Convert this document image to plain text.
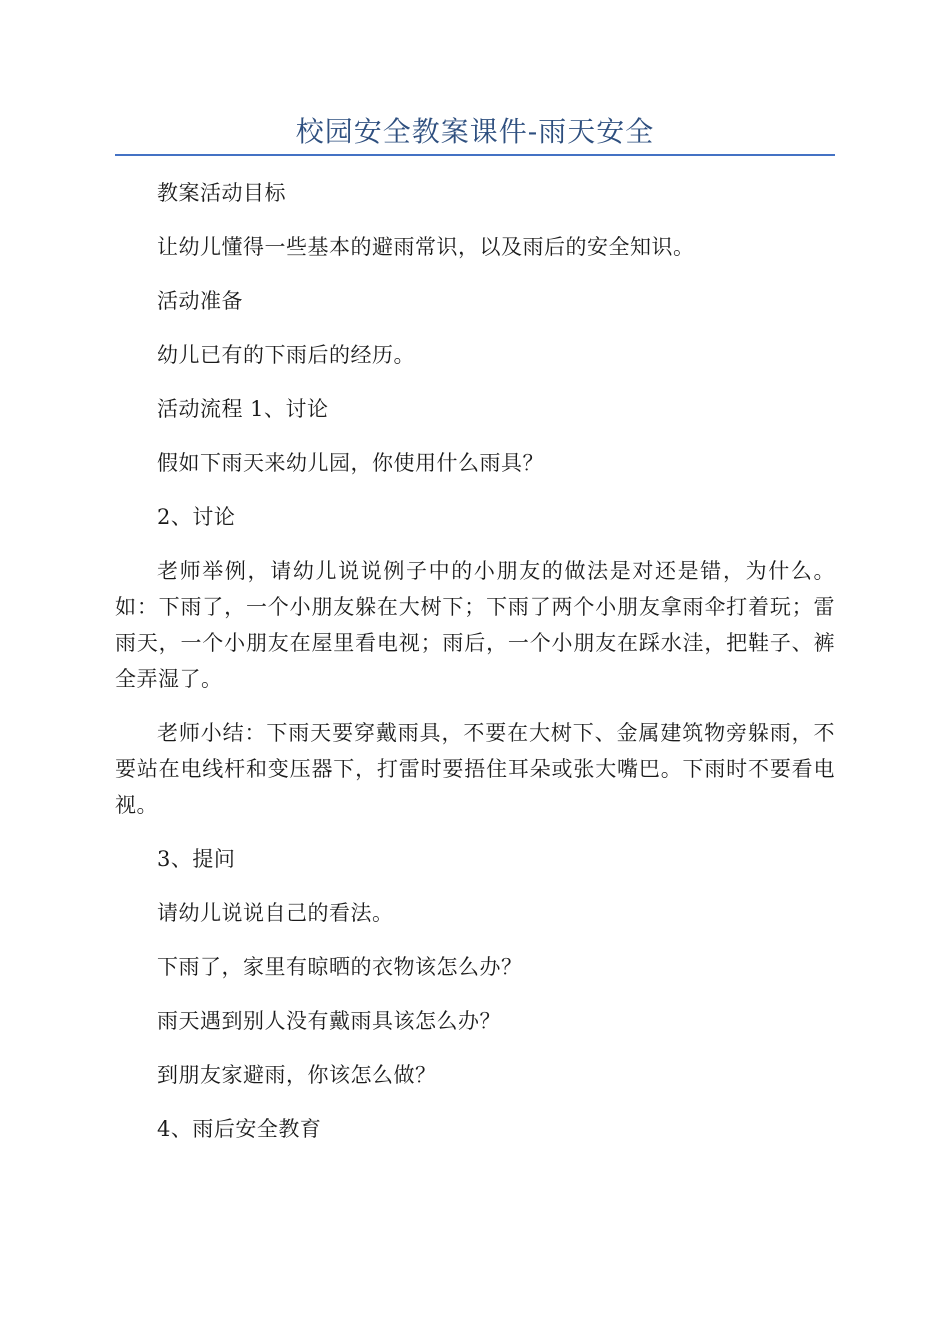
校园安全教案课件-雨天安全

教案活动目标

让幼儿懂得一些基本的避雨常识，以及雨后的安全知识。

活动准备

幼儿已有的下雨后的经历。

活动流程 1、讨论

假如下雨天来幼儿园，你使用什么雨具？

2、讨论

老师举例，请幼儿说说例子中的小朋友的做法是对还是错，为什么。如：下雨了，一个小朋友躲在大树下；下雨了两个小朋友拿雨伞打着玩；雷雨天，一个小朋友在屋里看电视；雨后，一个小朋友在踩水洼，把鞋子、裤全弄湿了。

老师小结：下雨天要穿戴雨具，不要在大树下、金属建筑物旁躲雨，不要站在电线杆和变压器下，打雷时要捂住耳朵或张大嘴巴。下雨时不要看电视。

3、提问

请幼儿说说自己的看法。

下雨了，家里有晾晒的衣物该怎么办？

雨天遇到别人没有戴雨具该怎么办？

到朋友家避雨，你该怎么做？

4、雨后安全教育
